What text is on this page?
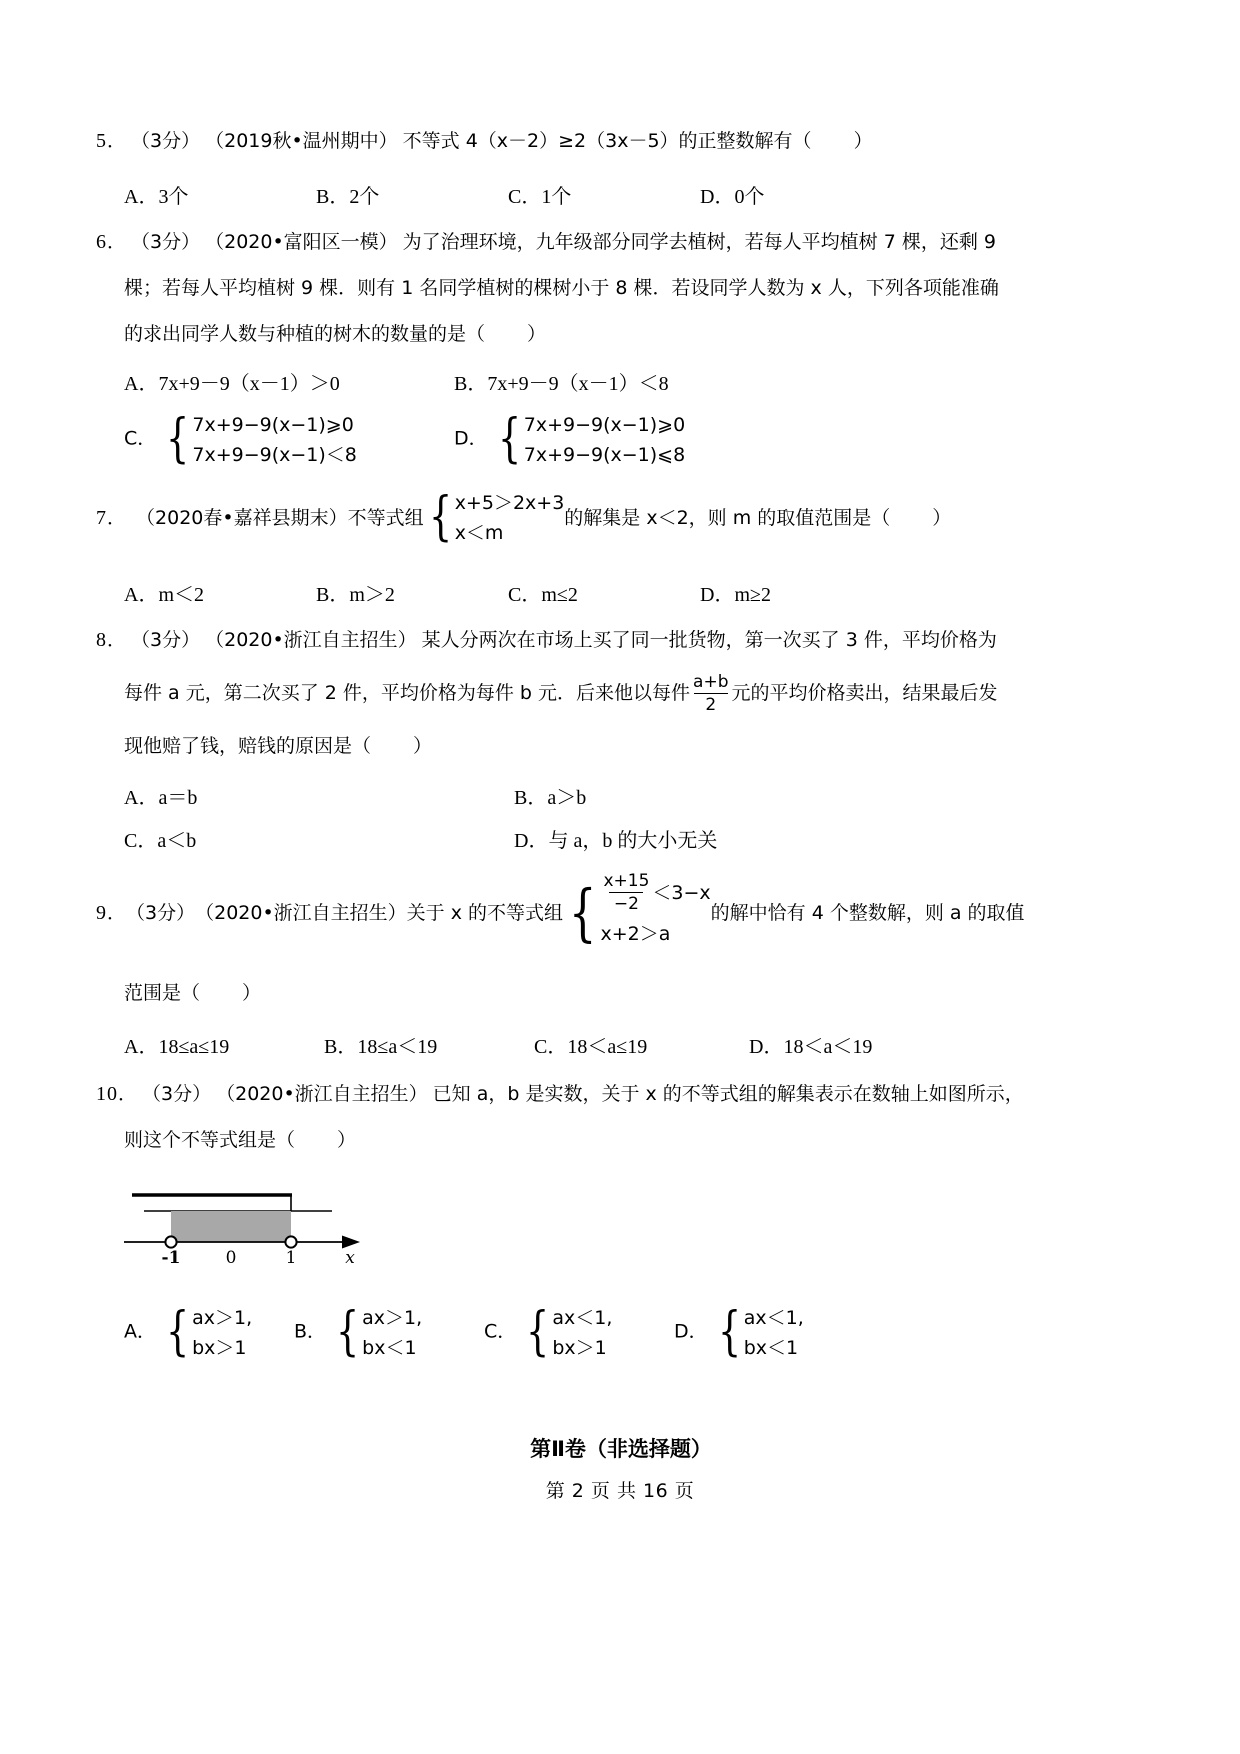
5． （3分） （2019秋•温州期中） 不等式 4（x－2）≥2（3x－5）的正整数解有（ ）
A．3个	B．2个	C．1个	D．0个
6． （3分） （2020•富阳区一模） 为了治理环境，九年级部分同学去植树，若每人平均植树 7 棵，还剩 9
棵；若每人平均植树 9 棵．则有 1 名同学植树的棵树小于 8 棵．若设同学人数为 x 人，下列各项能准确
的求出同学人数与种植的树木的数量的是（ ）
A．7x+9－9（x－1）＞0	B．7x+9－9（x－1）＜8
C． { 7x+9−9(x−1)⩾0
7x+9−9(x−1)＜8
D． { 7x+9−9(x−1)⩾0
7x+9−9(x−1)⩽8
7 ． （2020春•嘉祥县期末） 不等式组 { x+5＞2x+3
x＜m
的解集是 x＜2，则 m 的取值范围是（ ）
A．m＜2	B．m＞2	C．m≤2	D．m≥2
8． （3分） （2020•浙江自主招生） 某人分两次在市场上买了同一批货物，第一次买了 3 件，平均价格为
每件 a 元，第二次买了 2 件，平均价格为每件 b 元．后来他以每件 $\frac{a+b}{2}$ 元的平均价格卖出，结果最后发
现他赔了钱，赔钱的原因是（ ）
A．a＝b	B．a＞b
C．a＜b	D．与 a，b 的大小无关
9 ． （3分） （2020•浙江自主招生） 关于 x 的不等式组 { $\frac{x+15}{-2} <3-x$
x+2＞a
的解中恰有 4 个整数解，则 a 的取值
范围是（ ）
A．18≤a≤19	B．18≤a＜19	C．18＜a≤19	D．18＜a＜19
10． （3分） （2020•浙江自主招生） 已知 a，b 是实数，关于 x 的不等式组的解集表示在数轴上如图所示，
则这个不等式组是（ ）
-1	0	1	x
A． { ax＞1,
bx＞1
B． { ax＞1,
bx＜1
C． { ax＜1,
bx＞1
D． { ax＜1,
bx＜1
第Ⅱ卷（非选择题）
第 2 页 共 16 页
